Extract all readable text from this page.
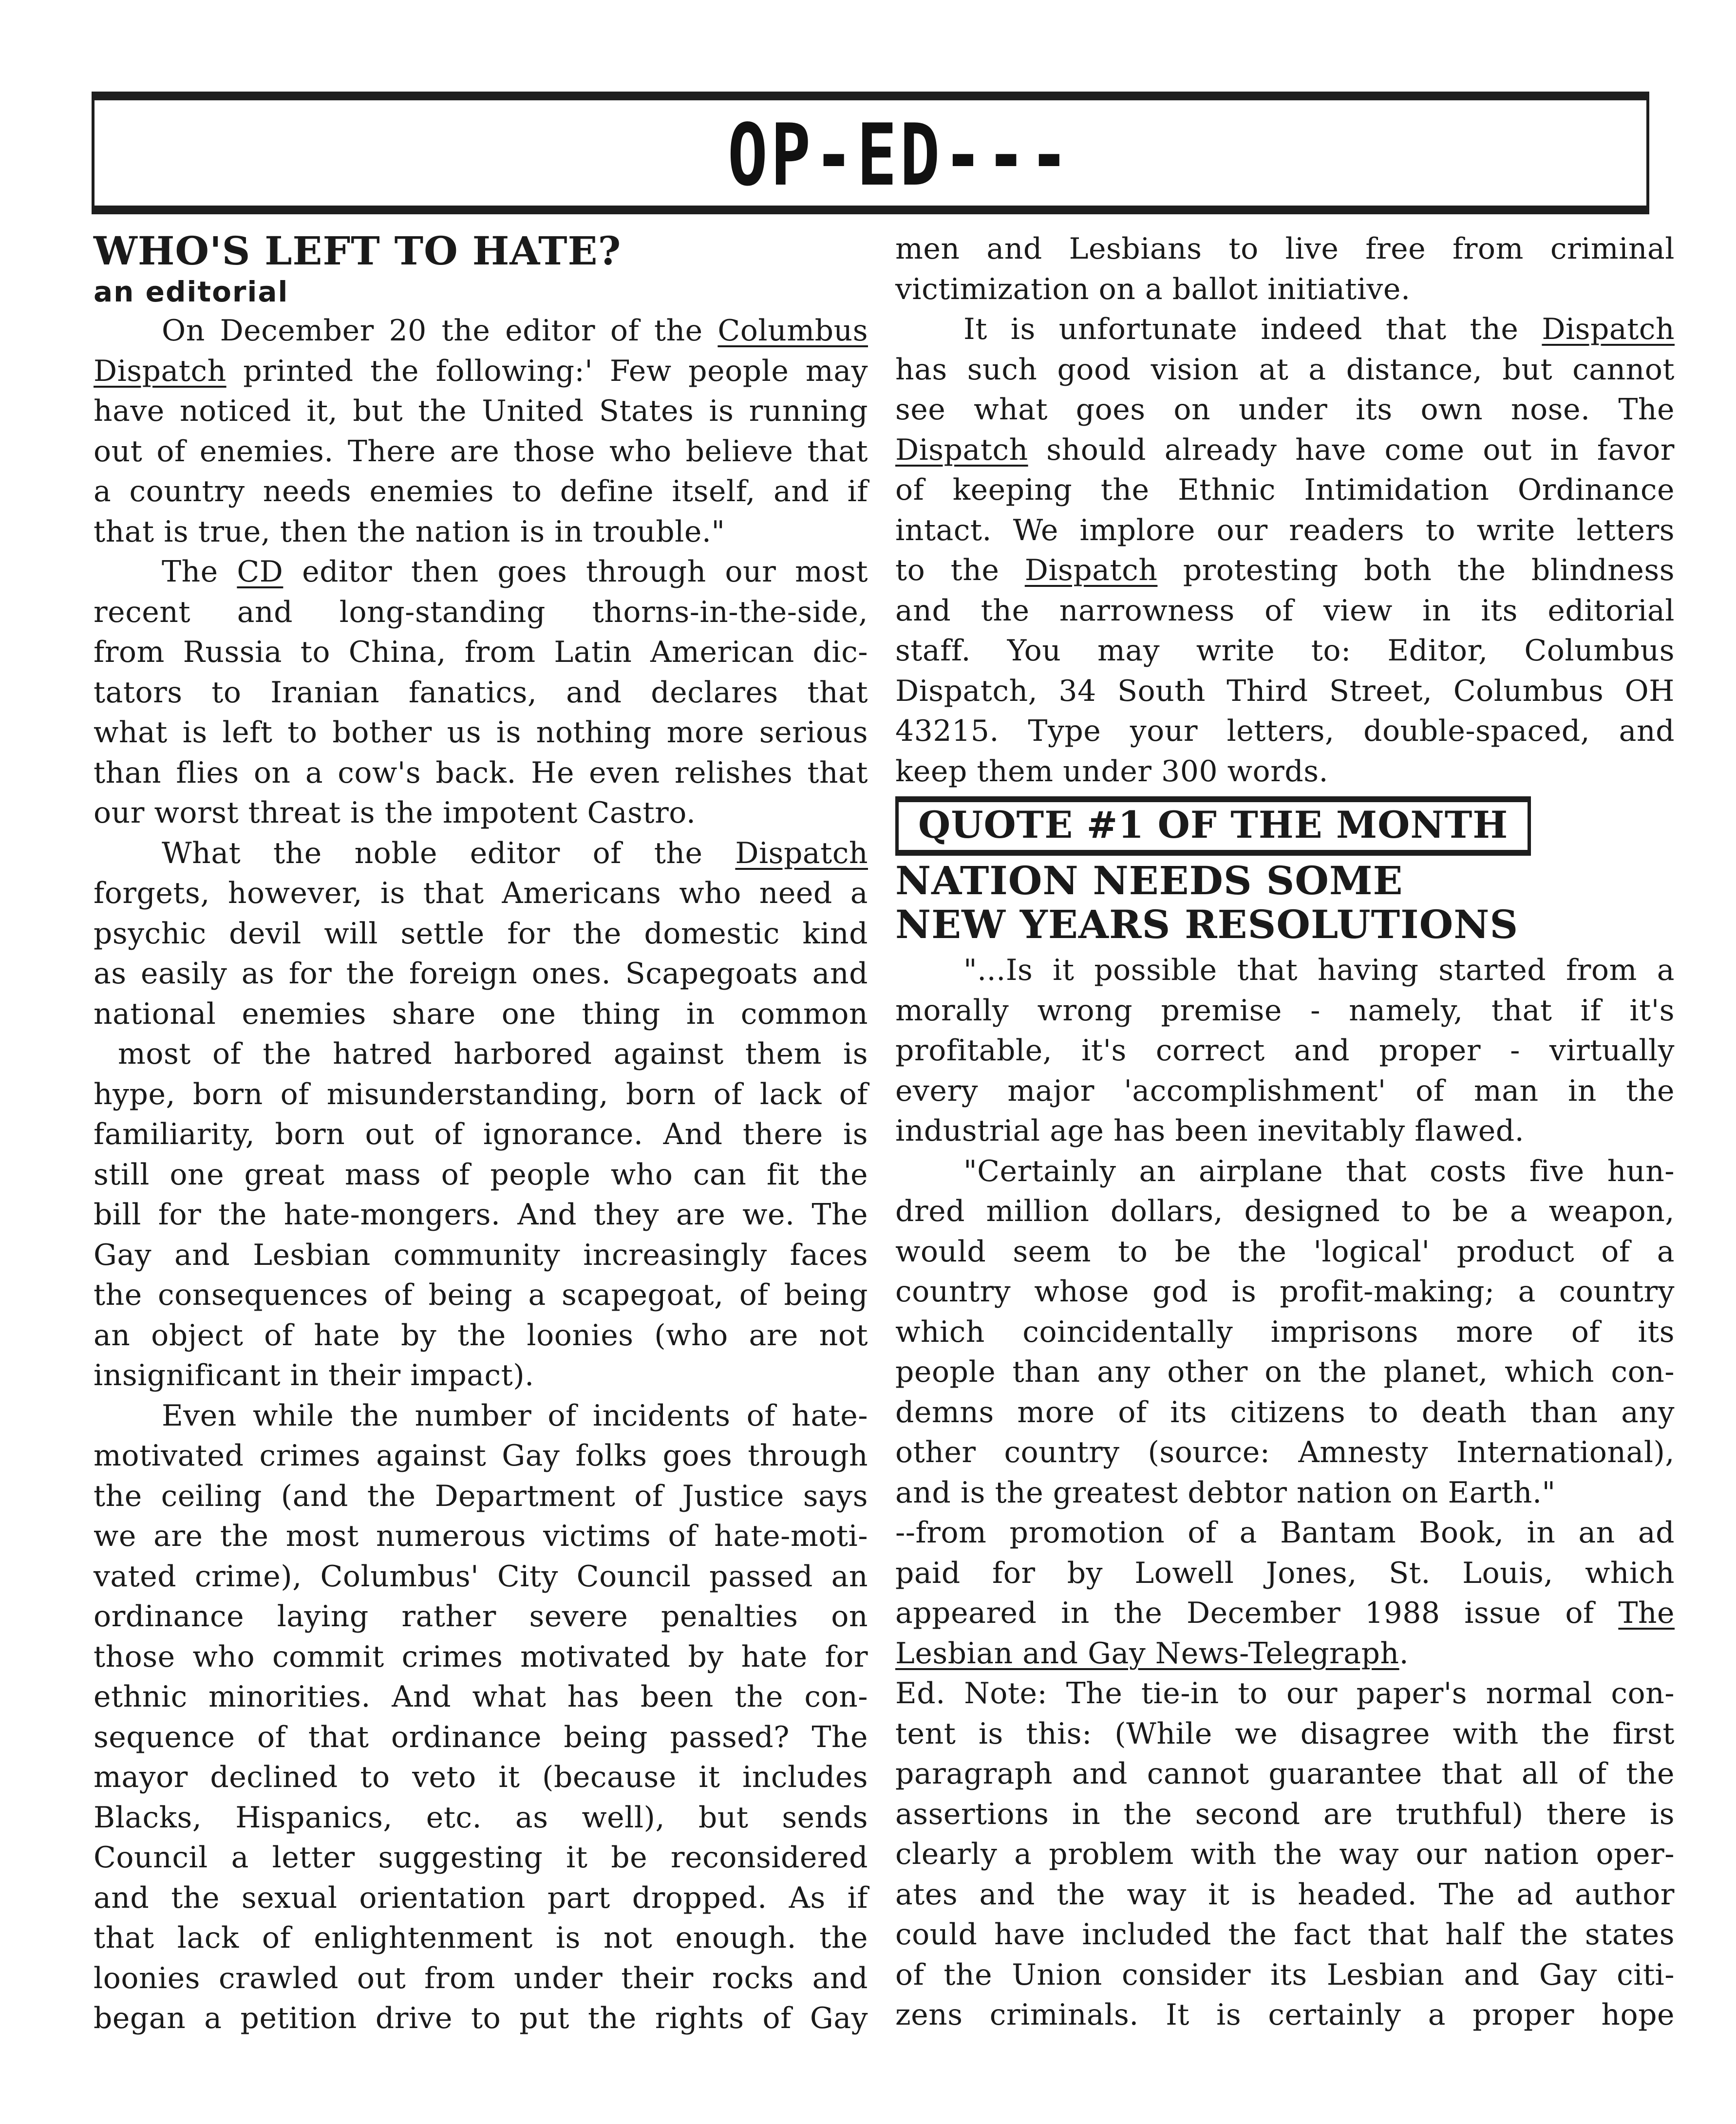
OP-ED---
WHO'S LEFT TO HATE?
an editorial
On December 20 the editor of the Columbus
Dispatch printed the following:' Few people may
have noticed it, but the United States is running
out of enemies. There are those who believe that
a country needs enemies to define itself, and if
that is true, then the nation is in trouble."
The CD editor then goes through our most
recent and long-standing thorns-in-the-side,
from Russia to China, from Latin American dic-
tators to Iranian fanatics, and declares that
what is left to bother us is nothing more serious
than flies on a cow's back. He even relishes that
our worst threat is the impotent Castro.
What the noble editor of the Dispatch
forgets, however, is that Americans who need a
psychic devil will settle for the domestic kind
as easily as for the foreign ones. Scapegoats and
national enemies share one thing in common
most of the hatred harbored against them is
hype, born of misunderstanding, born of lack of
familiarity, born out of ignorance. And there is
still one great mass of people who can fit the
bill for the hate-mongers. And they are we. The
Gay and Lesbian community increasingly faces
the consequences of being a scapegoat, of being
an object of hate by the loonies (who are not
insignificant in their impact).
Even while the number of incidents of hate-
motivated crimes against Gay folks goes through
the ceiling (and the Department of Justice says
we are the most numerous victims of hate-moti-
vated crime), Columbus' City Council passed an
ordinance laying rather severe penalties on
those who commit crimes motivated by hate for
ethnic minorities. And what has been the con-
sequence of that ordinance being passed? The
mayor declined to veto it (because it includes
Blacks, Hispanics, etc. as well), but sends
Council a letter suggesting it be reconsidered
and the sexual orientation part dropped. As if
that lack of enlightenment is not enough. the
loonies crawled out from under their rocks and
began a petition drive to put the rights of Gay
men and Lesbians to live free from criminal
victimization on a ballot initiative.
It is unfortunate indeed that the Dispatch
has such good vision at a distance, but cannot
see what goes on under its own nose. The
Dispatch should already have come out in favor
of keeping the Ethnic Intimidation Ordinance
intact. We implore our readers to write letters
to the Dispatch protesting both the blindness
and the narrowness of view in its editorial
staff. You may write to: Editor, Columbus
Dispatch, 34 South Third Street, Columbus OH
43215. Type your letters, double-spaced, and
keep them under 300 words.
QUOTE #1 OF THE MONTH
NATION NEEDS SOME
NEW YEARS RESOLUTIONS
"...Is it possible that having started from a
morally wrong premise - namely, that if it's
profitable, it's correct and proper - virtually
every major 'accomplishment' of man in the
industrial age has been inevitably flawed.
"Certainly an airplane that costs five hun-
dred million dollars, designed to be a weapon,
would seem to be the 'logical' product of a
country whose god is profit-making; a country
which coincidentally imprisons more of its
people than any other on the planet, which con-
demns more of its citizens to death than any
other country (source: Amnesty International),
and is the greatest debtor nation on Earth."
--from promotion of a Bantam Book, in an ad
paid for by Lowell Jones, St. Louis, which
appeared in the December 1988 issue of The
Lesbian and Gay News-Telegraph.
Ed. Note: The tie-in to our paper's normal con-
tent is this: (While we disagree with the first
paragraph and cannot guarantee that all of the
assertions in the second are truthful) there is
clearly a problem with the way our nation oper-
ates and the way it is headed. The ad author
could have included the fact that half the states
of the Union consider its Lesbian and Gay citi-
zens criminals. It is certainly a proper hope
